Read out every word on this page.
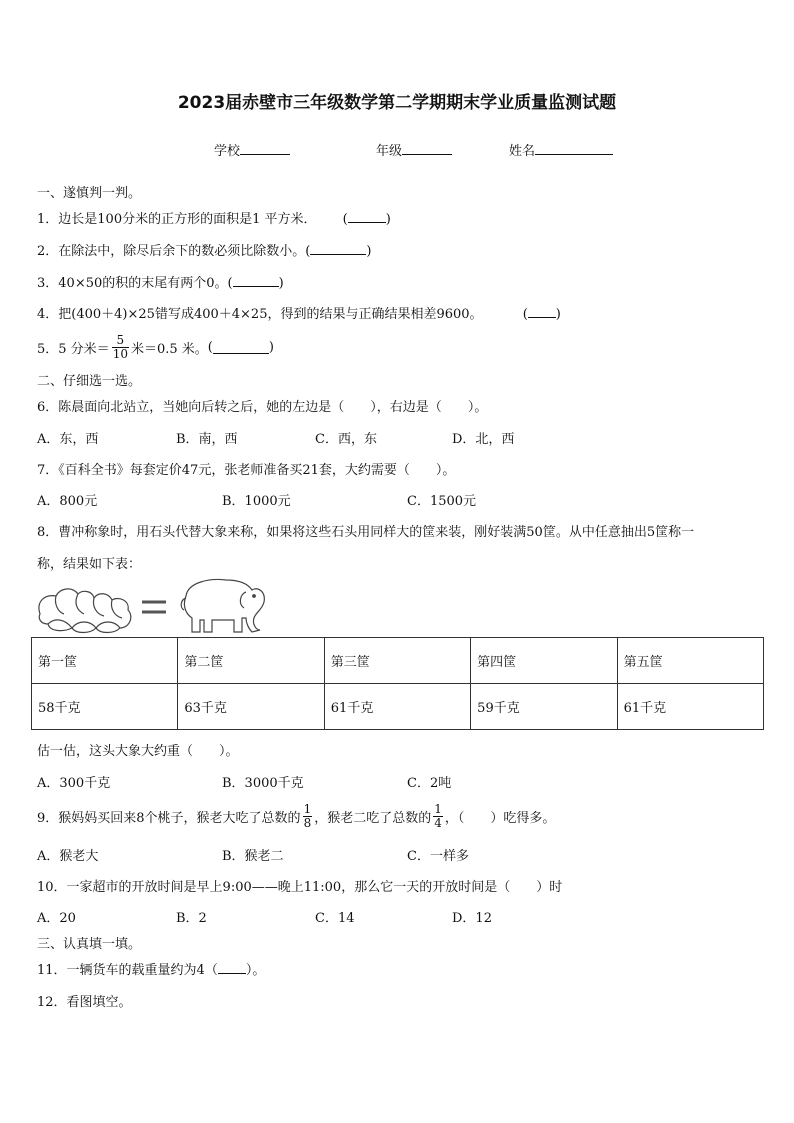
2023届赤壁市三年级数学第二学期期末学业质量监测试题
学校	年级	姓名
一、遂慎判一判。
1．边长是100分米的正方形的面积是1 平方米． (	)
2．在除法中，除尽后余下的数必须比除数小。(	)
3．40×50的积的末尾有两个0。(	)
4．把(400＋4)×25错写成400＋4×25，得到的结果与正确结果相差9600。	( )
5． 5 分米＝ $\frac{5}{10}$ 米＝0.5 米。 (	)
二、仔细选一选。
6．陈晨面向北站立，当她向后转之后，她的左边是（ ），右边是（ ）。
A．东，西	B．南，西	C．西，东	D．北，西
7．《百科全书》每套定价47元，张老师准备买21套，大约需要（　　）。
A．800元	B．1000元	C．1500元
8．曹冲称象时，用石头代替大象来称，如果将这些石头用同样大的筐来装，刚好装满50筐。从中任意抽出5筐称一
称，结果如下表：
第一筐	第二筐	第三筐	第四筐	第五筐
58千克	63千克	61千克	59千克	61千克
估一估，这头大象大约重（　　）。
A．300千克	B．3000千克	C．2吨
9． 猴妈妈买回来8个桃子，猴老大吃了总数的 $\frac{1}{8}$ ，猴老二吃了总数的 $\frac{1}{4}$ ，（　　）吃得多。
A．猴老大	B．猴老二	C．一样多
10．一家超市的开放时间是早上9:00——晚上11:00，那么它一天的开放时间是（　　）时
A．20	B．2	C．14	D．12
三、认真填一填。
11．一辆货车的载重量约为4（ ）。
12．看图填空。
